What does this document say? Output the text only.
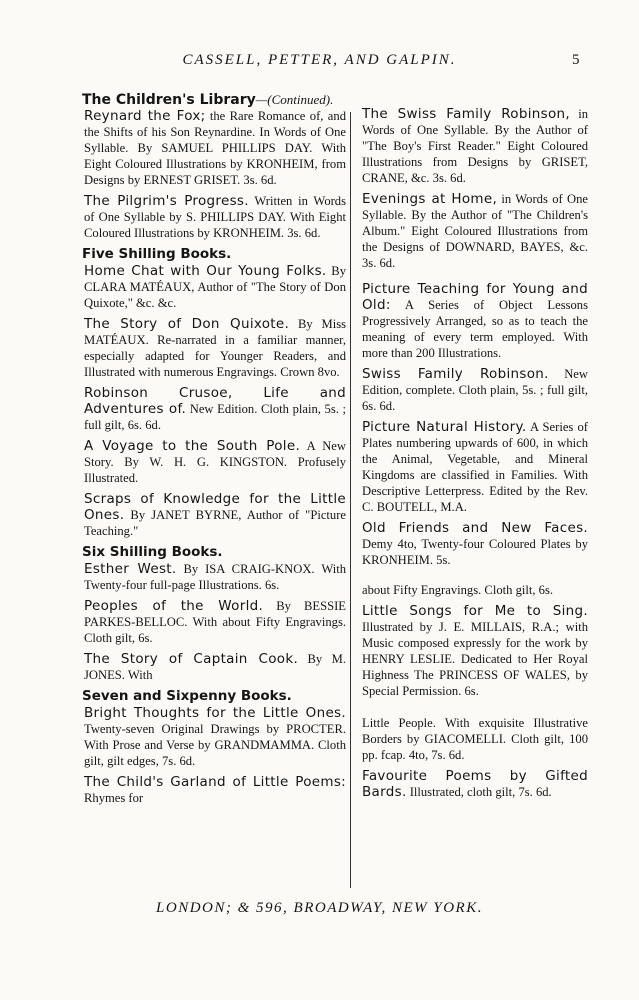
CASSELL, PETTER, AND GALPIN.	5
The Children's Library—(Continued).
Reynard the Fox; the Rare Romance of, and the Shifts of his Son Reynardine. In Words of One Syllable. By SAMUEL PHILLIPS DAY. With Eight Coloured Illustrations by KRONHEIM, from Designs by ERNEST GRISET. 3s. 6d.
The Pilgrim's Progress. Written in Words of One Syllable by S. PHILLIPS DAY. With Eight Coloured Illustrations by KRONHEIM. 3s. 6d.
Five Shilling Books.
Home Chat with Our Young Folks. By CLARA MATÉAUX, Author of "The Story of Don Quixote," &c. &c.
The Story of Don Quixote. By Miss MATÉAUX. Re-narrated in a familiar manner, especially adapted for Younger Readers, and Illustrated with numerous Engravings. Crown 8vo.
Robinson Crusoe, Life and Adventures of. New Edition. Cloth plain, 5s. ; full gilt, 6s. 6d.
A Voyage to the South Pole. A New Story. By W. H. G. KINGSTON. Profusely Illustrated.
Scraps of Knowledge for the Little Ones. By JANET BYRNE, Author of "Picture Teaching."
Six Shilling Books.
Esther West. By ISA CRAIG-KNOX. With Twenty-four full-page Illustrations. 6s.
Peoples of the World. By BESSIE PARKES-BELLOC. With about Fifty Engravings. Cloth gilt, 6s.
The Story of Captain Cook. By M. JONES. With
Seven and Sixpenny Books.
Bright Thoughts for the Little Ones. Twenty-seven Original Drawings by PROCTER. With Prose and Verse by GRANDMAMMA. Cloth gilt, gilt edges, 7s. 6d.
The Child's Garland of Little Poems: Rhymes for
The Swiss Family Robinson, in Words of One Syllable. By the Author of "The Boy's First Reader." Eight Coloured Illustrations from Designs by GRISET, CRANE, &c. 3s. 6d.
Evenings at Home, in Words of One Syllable. By the Author of "The Children's Album." Eight Coloured Illustrations from the Designs of DOWNARD, BAYES, &c. 3s. 6d.
Picture Teaching for Young and Old: A Series of Object Lessons Progressively Arranged, so as to teach the meaning of every term employed. With more than 200 Illustrations.
Swiss Family Robinson. New Edition, complete. Cloth plain, 5s. ; full gilt, 6s. 6d.
Picture Natural History. A Series of Plates numbering upwards of 600, in which the Animal, Vegetable, and Mineral Kingdoms are classified in Families. With Descriptive Letterpress. Edited by the Rev. C. BOUTELL, M.A.
Old Friends and New Faces. Demy 4to, Twenty-four Coloured Plates by KRONHEIM. 5s.
about Fifty Engravings. Cloth gilt, 6s.
Little Songs for Me to Sing. Illustrated by J. E. MILLAIS, R.A.; with Music composed expressly for the work by HENRY LESLIE. Dedicated to Her Royal Highness The PRINCESS OF WALES, by Special Permission. 6s.
Little People. With exquisite Illustrative Borders by GIACOMELLI. Cloth gilt, 100 pp. fcap. 4to, 7s. 6d.
Favourite Poems by Gifted Bards. Illustrated, cloth gilt, 7s. 6d.
LONDON; & 596, BROADWAY, NEW YORK.
